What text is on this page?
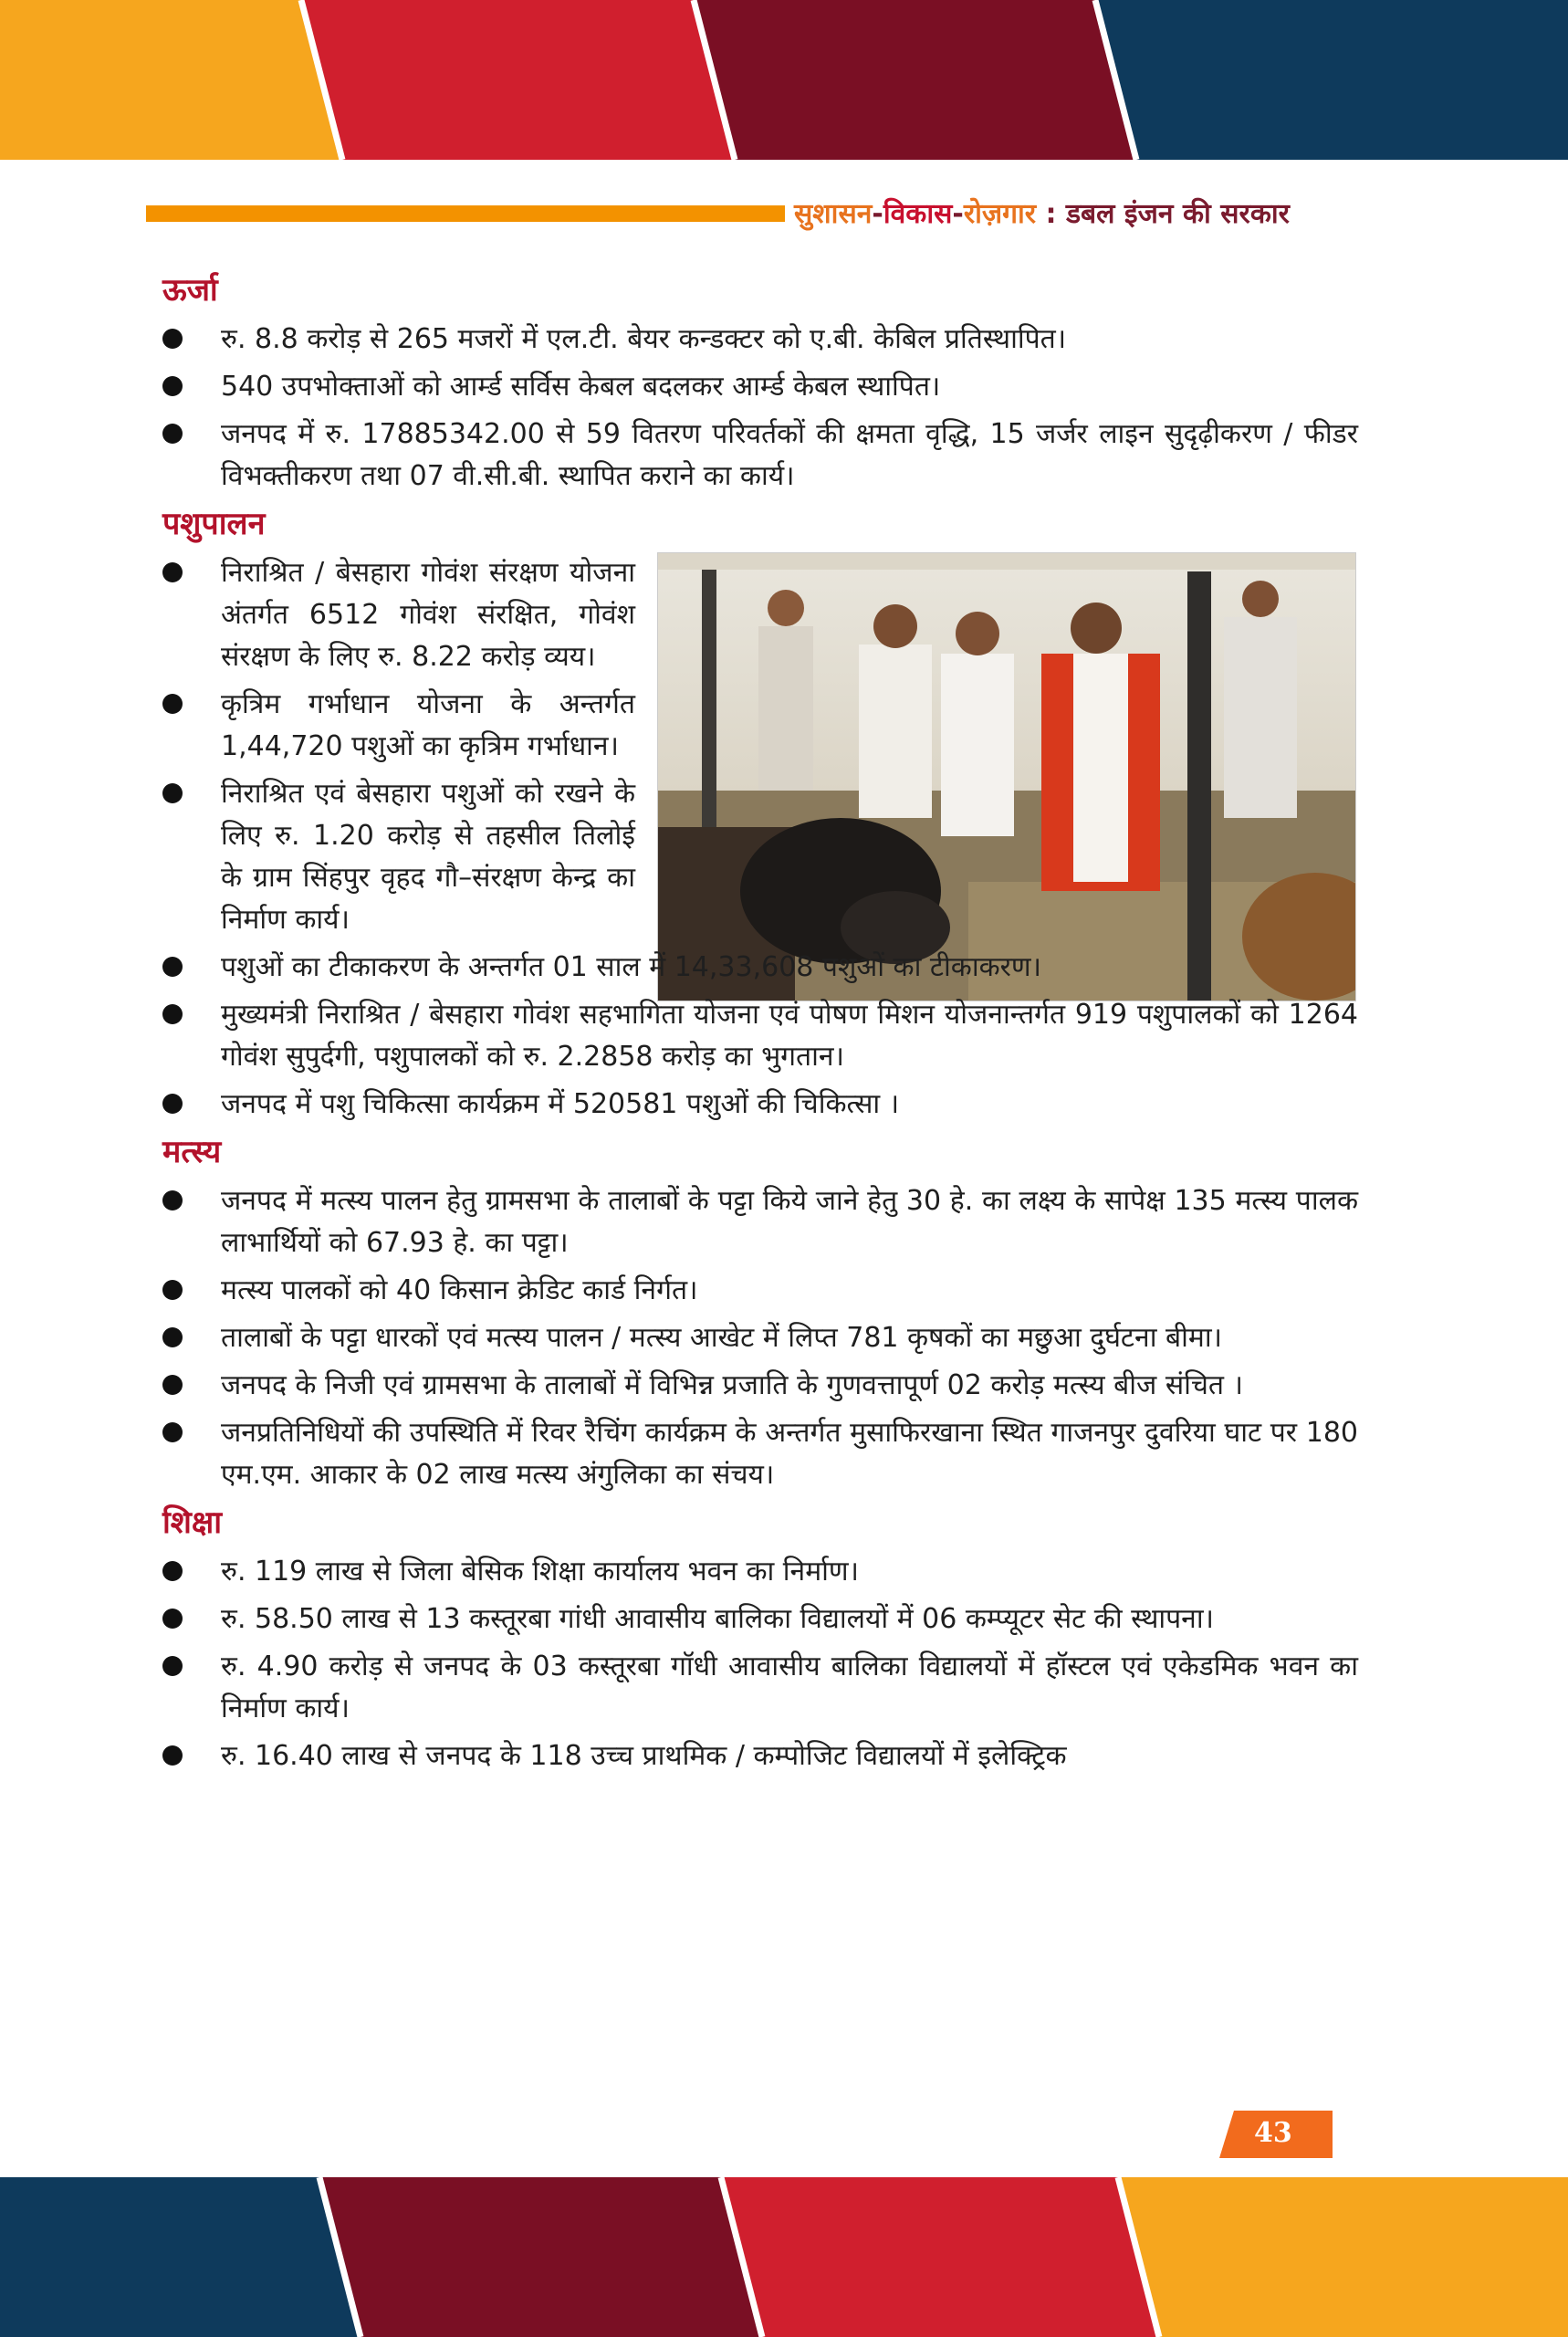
सुशासन-विकास-रोज़गार : डबल इंजन की सरकार
ऊर्जा
रु. 8.8 करोड़ से 265 मजरों में एल.टी. बेयर कन्डक्टर को ए.बी. केबिल प्रतिस्थापित।
540 उपभोक्ताओं को आर्म्ड सर्विस केबल बदलकर आर्म्ड केबल स्थापित।
जनपद में रु. 17885342.00 से 59 वितरण परिवर्तकों की क्षमता वृद्धि, 15 जर्जर लाइन सुदृढ़ीकरण / फीडर विभक्तीकरण तथा 07 वी.सी.बी. स्थापित कराने का कार्य।
पशुपालन
निराश्रित / बेसहारा गोवंश संरक्षण योजना अंतर्गत 6512 गोवंश संरक्षित, गोवंश संरक्षण के लिए रु. 8.22 करोड़ व्यय।
कृत्रिम गर्भाधान योजना के अन्तर्गत 1,44,720 पशुओं का कृत्रिम गर्भाधान।
निराश्रित एवं बेसहारा पशुओं को रखने के लिए रु. 1.20 करोड़ से तहसील तिलोई के ग्राम सिंहपुर वृहद गौ–संरक्षण केन्द्र का निर्माण कार्य।
पशुओं का टीकाकरण के अन्तर्गत 01 साल में 14,33,608 पशुओं का टीकाकरण।
मुख्यमंत्री निराश्रित / बेसहारा गोवंश सहभागिता योजना एवं पोषण मिशन योजनान्तर्गत 919 पशुपालकों को 1264 गोवंश सुपुर्दगी, पशुपालकों को रु. 2.2858 करोड़ का भुगतान।
जनपद में पशु चिकित्सा कार्यक्रम में 520581 पशुओं की चिकित्सा ।
मत्स्य
जनपद में मत्स्य पालन हेतु ग्रामसभा के तालाबों के पट्टा किये जाने हेतु 30 हे. का लक्ष्य के सापेक्ष 135 मत्स्य पालक लाभार्थियों को 67.93 हे. का पट्टा।
मत्स्य पालकों को 40 किसान क्रेडिट कार्ड निर्गत।
तालाबों के पट्टा धारकों एवं मत्स्य पालन / मत्स्य आखेट में लिप्त 781 कृषकों का मछुआ दुर्घटना बीमा।
जनपद के निजी एवं ग्रामसभा के तालाबों में विभिन्न प्रजाति के गुणवत्तापूर्ण 02 करोड़ मत्स्य बीज संचित ।
जनप्रतिनिधियों की उपस्थिति में रिवर रैचिंग कार्यक्रम के अन्तर्गत मुसाफिरखाना स्थित गाजनपुर दुवरिया घाट पर 180 एम.एम. आकार के 02 लाख मत्स्य अंगुलिका का संचय।
शिक्षा
रु. 119 लाख से जिला बेसिक शिक्षा कार्यालय भवन का निर्माण।
रु. 58.50 लाख से 13 कस्तूरबा गांधी आवासीय बालिका विद्यालयों में 06 कम्प्यूटर सेट की स्थापना।
रु. 4.90 करोड़ से जनपद के 03 कस्तूरबा गॉधी आवासीय बालिका विद्यालयों में हॉस्टल एवं एकेडमिक भवन का निर्माण कार्य।
रु. 16.40 लाख से जनपद के 118 उच्च प्राथमिक / कम्पोजिट विद्यालयों में इलेक्ट्रिक
43
